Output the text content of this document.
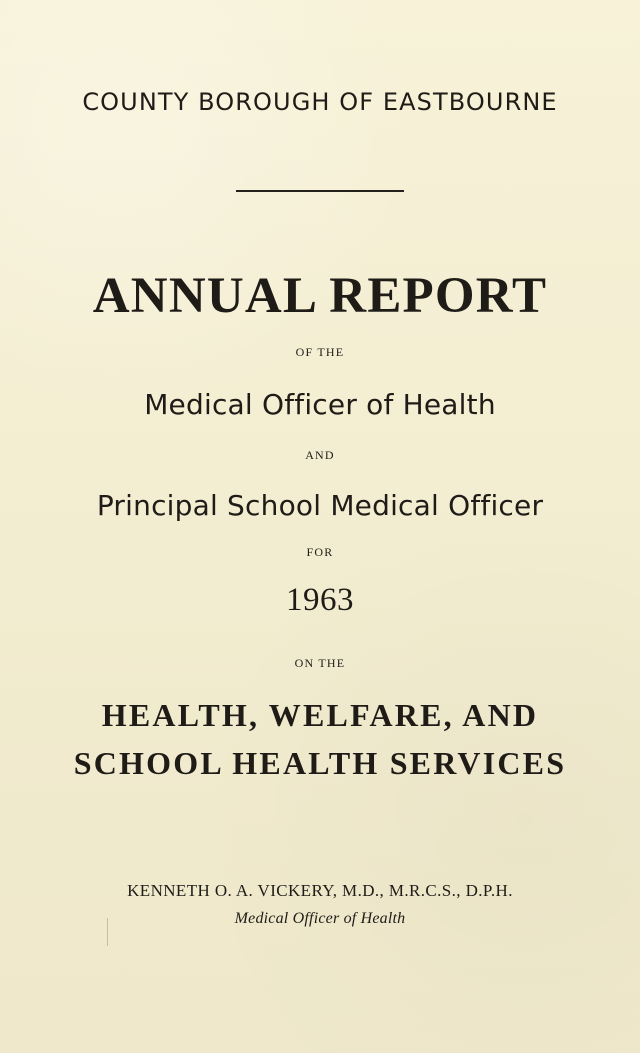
COUNTY BOROUGH OF EASTBOURNE
ANNUAL REPORT
OF THE
Medical Officer of Health
AND
Principal School Medical Officer
FOR
1963
ON THE
HEALTH, WELFARE, AND
SCHOOL HEALTH SERVICES
KENNETH O. A. VICKERY, M.D., M.R.C.S., D.P.H.
Medical Officer of Health
